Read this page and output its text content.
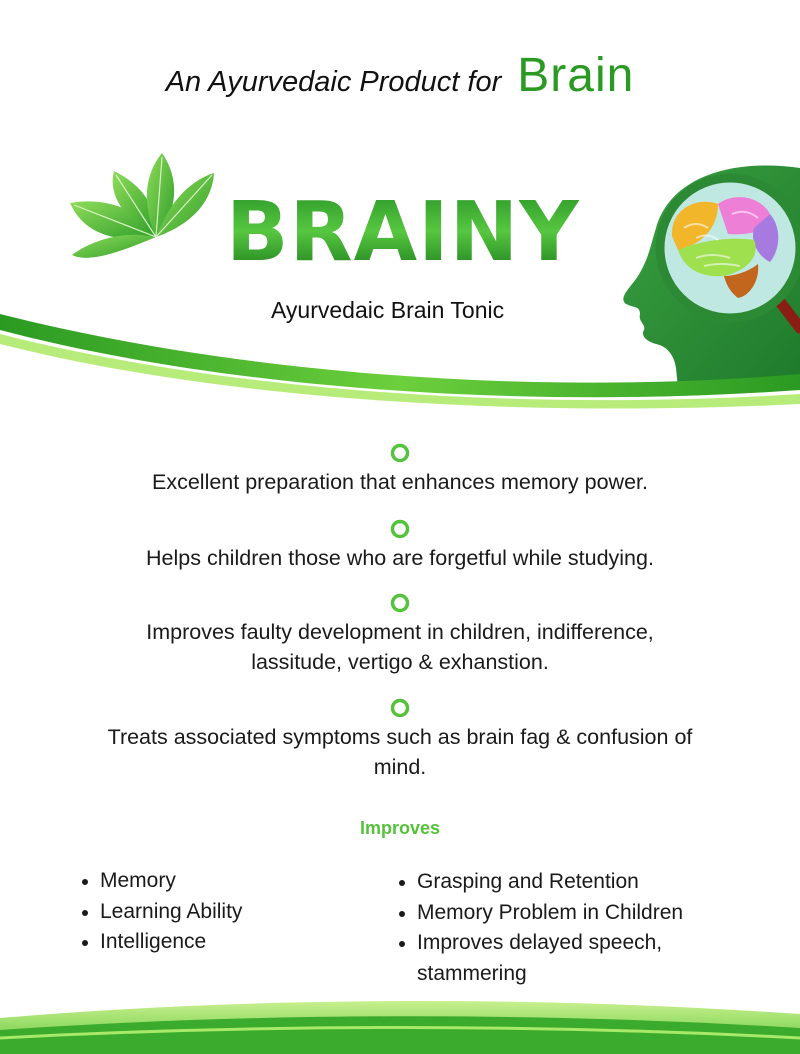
An Ayurvedaic Product for Brain
BRAINY
Ayurvedaic Brain Tonic
Excellent preparation that enhances memory power.
Helps children those who are forgetful while studying.
Improves faulty development in children, indifference, lassitude, vertigo & exhanstion.
Treats associated symptoms such as brain fag & confusion of mind.
Improves
Memory
Learning Ability
Intelligence
Grasping and Retention
Memory Problem in Children
Improves delayed speech, stammering
